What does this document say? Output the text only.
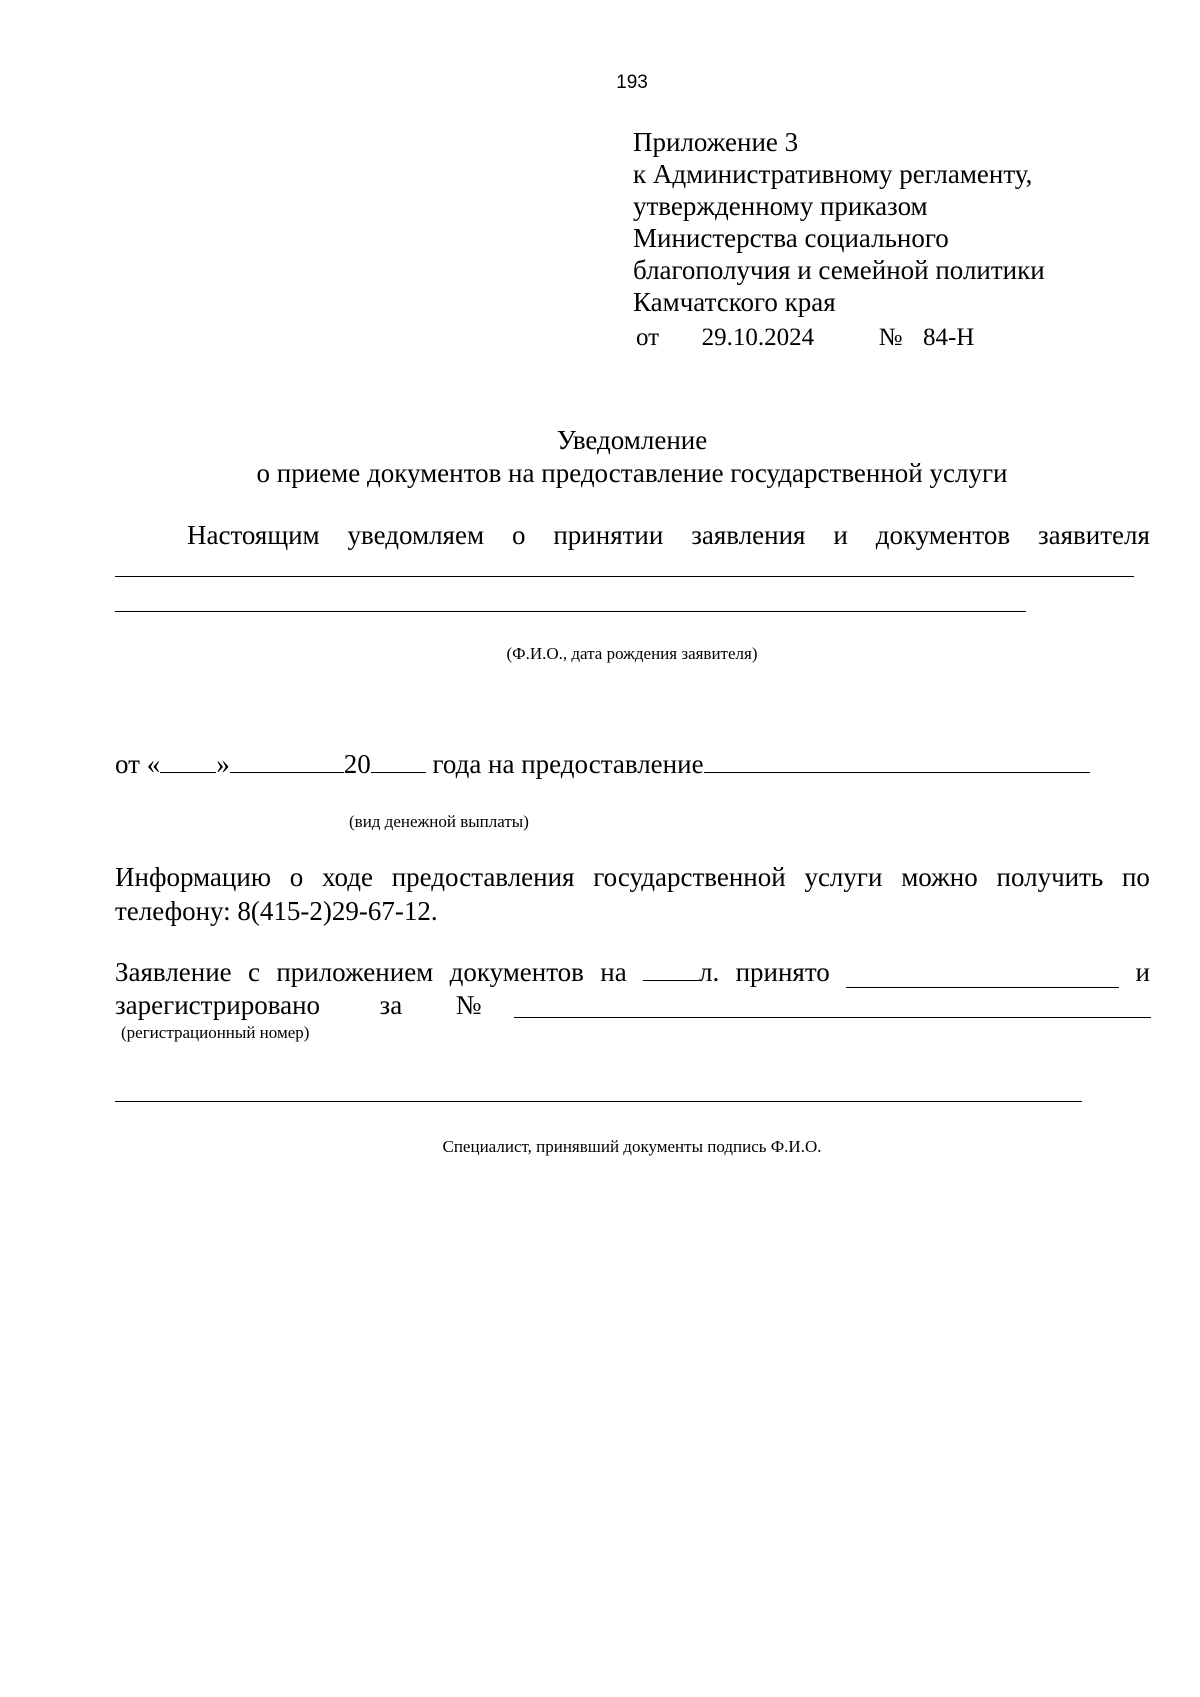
193
Приложение 3
к Административному регламенту,
утвержденному приказом
Министерства социального
благополучия и семейной политики
Камчатского края
от 29.10.2024	№ 84-Н
Уведомление
о приеме документов на предоставление государственной услуги
Настоящим уведомляем о принятии заявления и документов заявителя
(Ф.И.О., дата рождения заявителя)
от « »	20 года на предоставление
(вид денежной выплаты)
Информацию о ходе предоставления государственной услуги можно получить по
телефону: 8(415-2)29-67-12.
Заявление с приложением документов на	л. принято	и
зарегистрировано за №
(регистрационный номер)
Специалист, принявший документы подпись Ф.И.О.
